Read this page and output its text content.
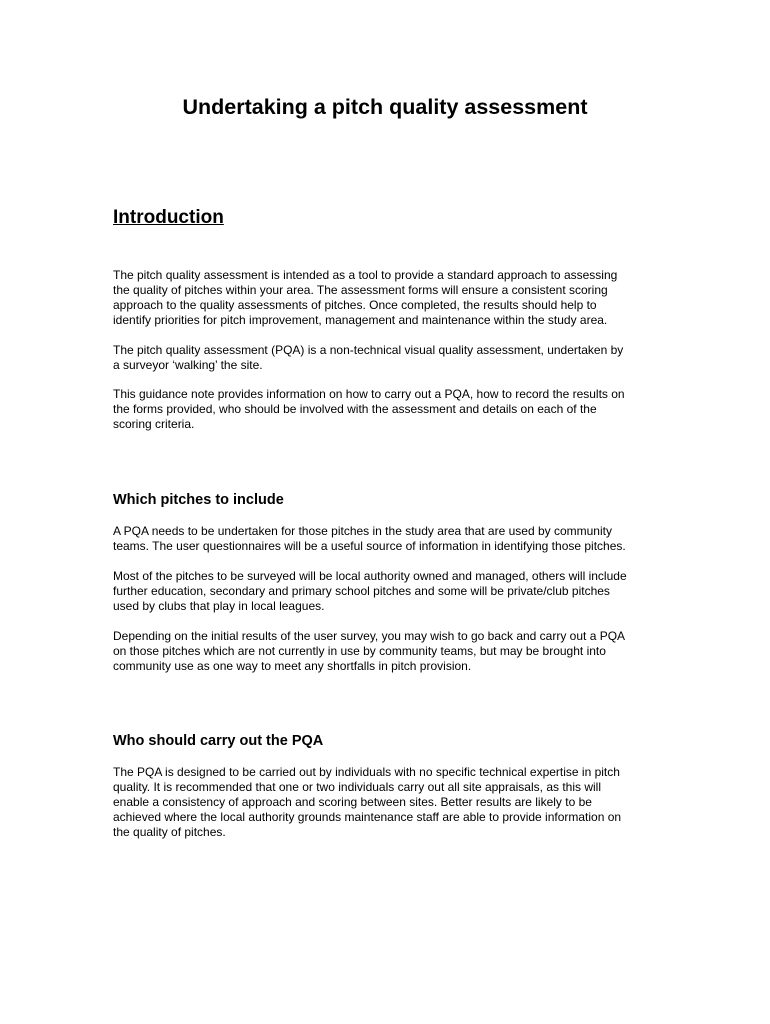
Undertaking a pitch quality assessment
Introduction

The pitch quality assessment is intended as a tool to provide a standard approach to assessing
the quality of pitches within your area. The assessment forms will ensure a consistent scoring
approach to the quality assessments of pitches. Once completed, the results should help to
identify priorities for pitch improvement, management and maintenance within the study area.

The pitch quality assessment (PQA) is a non-technical visual quality assessment, undertaken by
a surveyor ‘walking’ the site.

This guidance note provides information on how to carry out a PQA, how to record the results on
the forms provided, who should be involved with the assessment and details on each of the
scoring criteria.

Which pitches to include

A PQA needs to be undertaken for those pitches in the study area that are used by community
teams. The user questionnaires will be a useful source of information in identifying those pitches.

Most of the pitches to be surveyed will be local authority owned and managed, others will include
further education, secondary and primary school pitches and some will be private/club pitches
used by clubs that play in local leagues.

Depending on the initial results of the user survey, you may wish to go back and carry out a PQA
on those pitches which are not currently in use by community teams, but may be brought into
community use as one way to meet any shortfalls in pitch provision.

Who should carry out the PQA

The PQA is designed to be carried out by individuals with no specific technical expertise in pitch
quality. It is recommended that one or two individuals carry out all site appraisals, as this will
enable a consistency of approach and scoring between sites. Better results are likely to be
achieved where the local authority grounds maintenance staff are able to provide information on
the quality of pitches.
